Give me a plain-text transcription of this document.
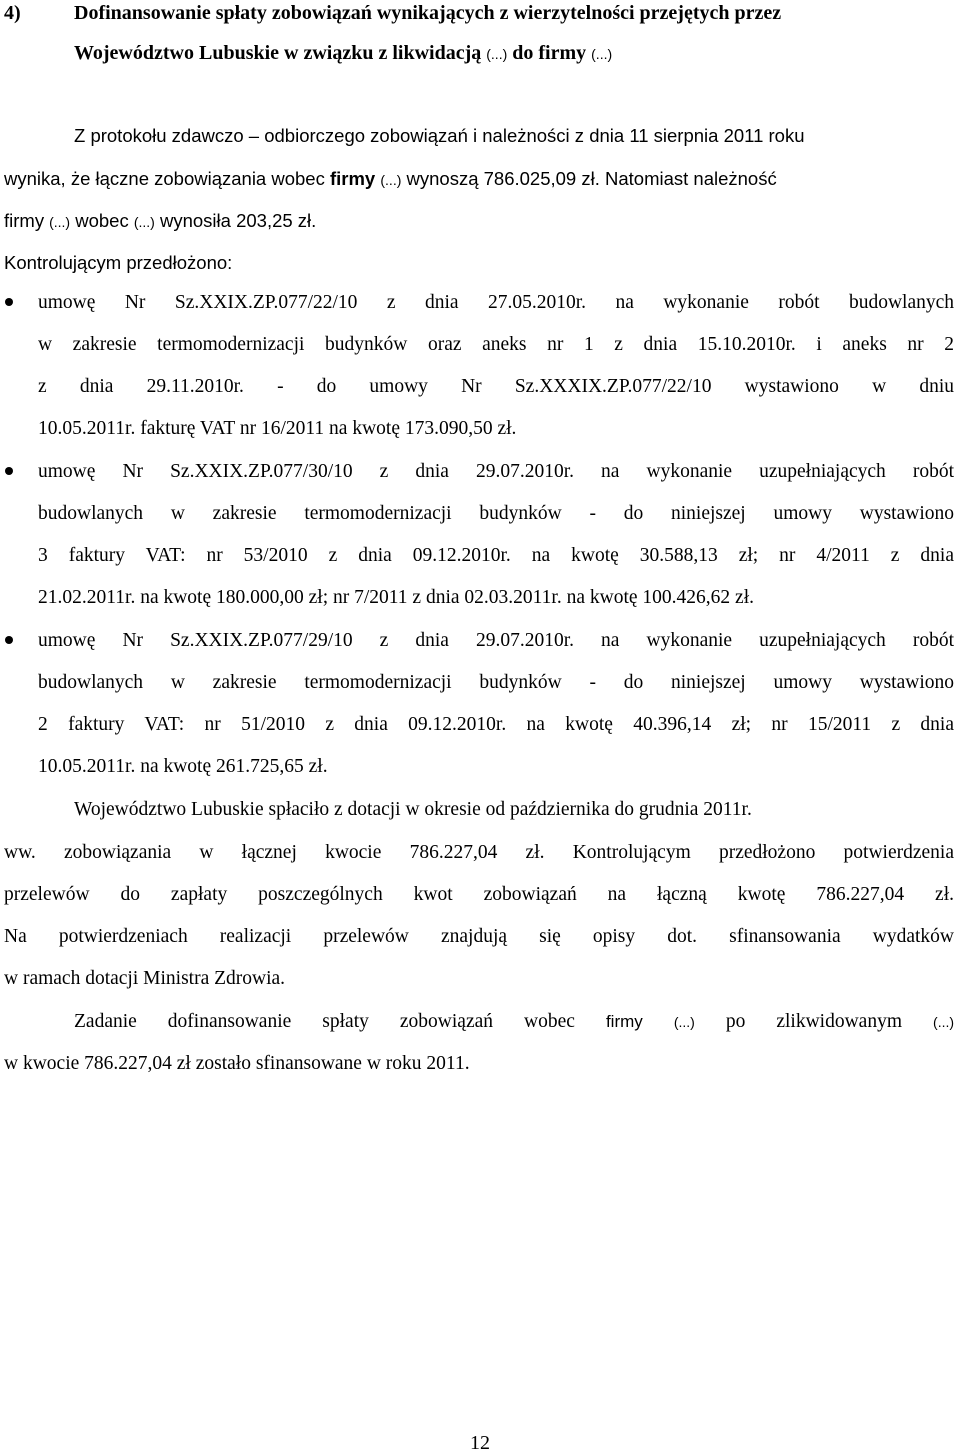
4)	Dofinansowanie spłaty zobowiązań wynikających z wierzytelności przejętych przez
Województwo Lubuskie w związku z likwidacją (...) do firmy (...)
Z protokołu zdawczo – odbiorczego zobowiązań i należności z dnia 11 sierpnia 2011 roku
wynika, że łączne zobowiązania wobec firmy (...) wynoszą 786.025,09 zł. Natomiast należność
firmy (...) wobec (...) wynosiła 203,25 zł.
Kontrolującym przedłożono:
umowę Nr Sz.XXIX.ZP.077/22/10 z dnia 27.05.2010r. na wykonanie robót budowlanych
w zakresie termomodernizacji budynków oraz aneks nr 1 z dnia 15.10.2010r. i aneks nr 2
z dnia 29.11.2010r. - do umowy Nr Sz.XXXIX.ZP.077/22/10 wystawiono w dniu
10.05.2011r. fakturę VAT nr 16/2011 na kwotę 173.090,50 zł.
umowę Nr Sz.XXIX.ZP.077/30/10 z dnia 29.07.2010r. na wykonanie uzupełniających robót
budowlanych w zakresie termomodernizacji budynków - do niniejszej umowy wystawiono
3 faktury VAT: nr 53/2010 z dnia 09.12.2010r. na kwotę 30.588,13 zł; nr 4/2011 z dnia
21.02.2011r. na kwotę 180.000,00 zł; nr 7/2011 z dnia 02.03.2011r. na kwotę 100.426,62 zł.
umowę Nr Sz.XXIX.ZP.077/29/10 z dnia 29.07.2010r. na wykonanie uzupełniających robót
budowlanych w zakresie termomodernizacji budynków - do niniejszej umowy wystawiono
2 faktury VAT: nr 51/2010 z dnia 09.12.2010r. na kwotę 40.396,14 zł; nr 15/2011 z dnia
10.05.2011r. na kwotę 261.725,65 zł.
Województwo Lubuskie spłaciło z dotacji w okresie od października do grudnia 2011r.
ww. zobowiązania w łącznej kwocie 786.227,04 zł. Kontrolującym przedłożono potwierdzenia
przelewów do zapłaty poszczególnych kwot zobowiązań na łączną kwotę 786.227,04 zł.
Na potwierdzeniach realizacji przelewów znajdują się opisy dot. sfinansowania wydatków
w ramach dotacji Ministra Zdrowia.
Zadanie dofinansowanie spłaty zobowiązań wobec firmy (...) po zlikwidowanym (...)
w kwocie 786.227,04 zł zostało sfinansowane w roku 2011.
12
